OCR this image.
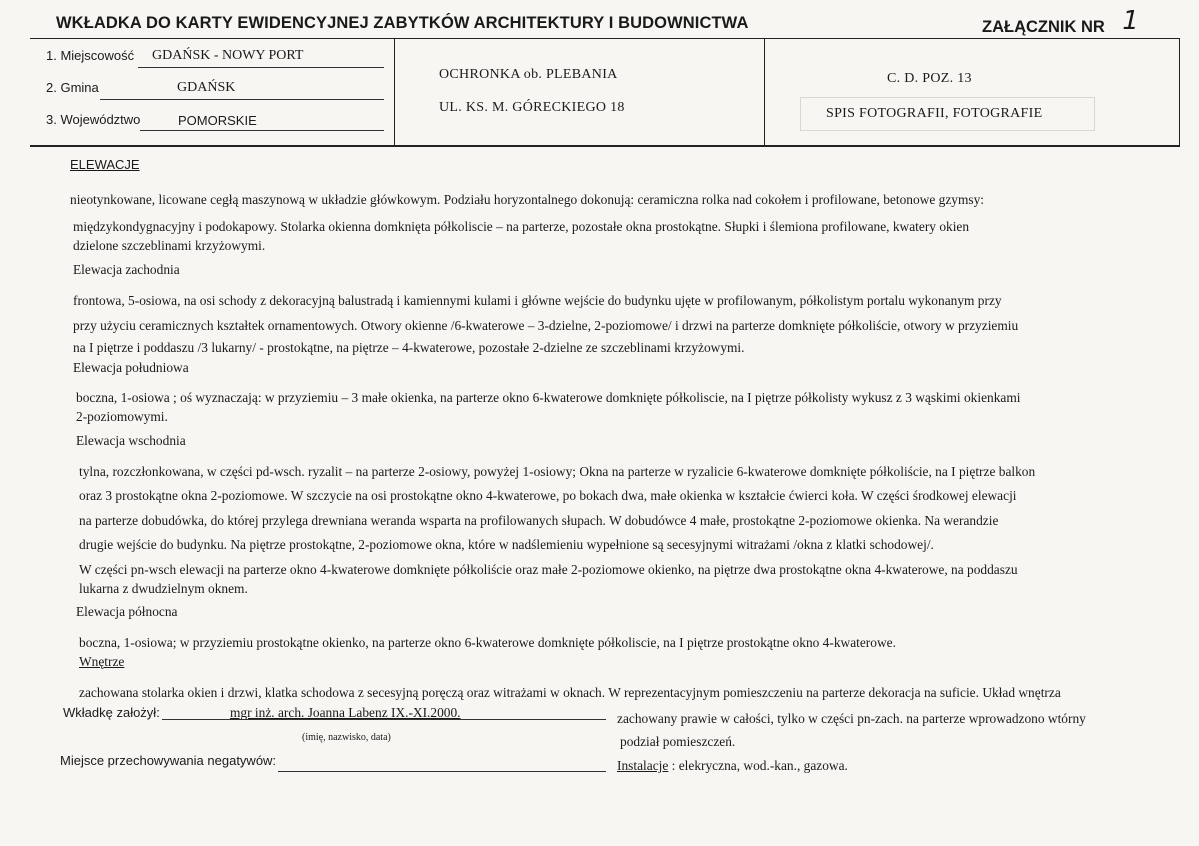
WKŁADKA DO KARTY EWIDENCYJNEJ ZABYTKÓW ARCHITEKTURY I BUDOWNICTWA	ZAŁĄCZNIK NR 1
1. Miejscowość GDAŃSK - NOWY PORT
2. Gmina	GDAŃSK
3. Województwo	POMORSKIE
OCHRONKA ob. PLEBANIA
UL. KS. M. GÓRECKIEGO 18
C. D. POZ. 13
SPIS FOTOGRAFII, FOTOGRAFIE
ELEWACJE
nieotynkowane, licowane cegłą maszynową w układzie główkowym. Podziału horyzontalnego dokonują: ceramiczna rolka nad cokołem i profilowane, betonowe gzymsy:
międzykondygnacyjny i podokapowy. Stolarka okienna domknięta półkoliscie – na parterze, pozostałe okna prostokątne. Słupki i ślemiona profilowane, kwatery okien
dzielone szczeblinami krzyżowymi.
Elewacja zachodnia
frontowa, 5-osiowa, na osi schody z dekoracyjną balustradą i kamiennymi kulami i główne wejście do budynku ujęte w profilowanym, półkolistym portalu wykonanym przy
przy użyciu ceramicznych kształtek ornamentowych. Otwory okienne /6-kwaterowe – 3-dzielne, 2-poziomowe/ i drzwi na parterze domknięte półkoliście, otwory w przyziemiu
na I piętrze i poddaszu /3 lukarny/ - prostokątne, na piętrze – 4-kwaterowe, pozostałe 2-dzielne ze szczeblinami krzyżowymi.
Elewacja południowa
boczna, 1-osiowa ; oś wyznaczają: w przyziemiu – 3 małe okienka, na parterze okno 6-kwaterowe domknięte półkoliscie, na I piętrze półkolisty wykusz z 3 wąskimi okienkami
2-poziomowymi.
Elewacja wschodnia
tylna, rozczłonkowana, w części pd-wsch. ryzalit – na parterze 2-osiowy, powyżej 1-osiowy; Okna na parterze w ryzalicie 6-kwaterowe domknięte półkoliście, na I piętrze balkon
oraz 3 prostokątne okna 2-poziomowe. W szczycie na osi prostokątne okno 4-kwaterowe, po bokach dwa, małe okienka w kształcie ćwierci koła. W części środkowej elewacji
na parterze dobudówka, do której przylega drewniana weranda wsparta na profilowanych słupach. W dobudówce 4 małe, prostokątne 2-poziomowe okienka. Na werandzie
drugie wejście do budynku. Na piętrze prostokątne, 2-poziomowe okna, które w nadślemieniu wypełnione są secesyjnymi witrażami /okna z klatki schodowej/.
W części pn-wsch elewacji na parterze okno 4-kwaterowe domknięte półkoliście oraz małe 2-poziomowe okienko, na piętrze dwa prostokątne okna 4-kwaterowe, na poddaszu
lukarna z dwudzielnym oknem.
Elewacja północna
boczna, 1-osiowa; w przyziemiu prostokątne okienko, na parterze okno 6-kwaterowe domknięte półkoliscie, na I piętrze prostokątne okno 4-kwaterowe.
Wnętrze
zachowana stolarka okien i drzwi, klatka schodowa z secesyjną poręczą oraz witrażami w oknach. W reprezentacyjnym pomieszczeniu na parterze dekoracja na suficie. Układ wnętrza
zachowany prawie w całości, tylko w części pn-zach. na parterze wprowadzono wtórny
podział pomieszczeń.
Instalacje : elekryczna, wod.-kan., gazowa.
Wkładkę założył:	mgr inż. arch. Joanna Labenz IX.-XI.2000.
(imię, nazwisko, data)
Miejsce przechowywania negatywów:
